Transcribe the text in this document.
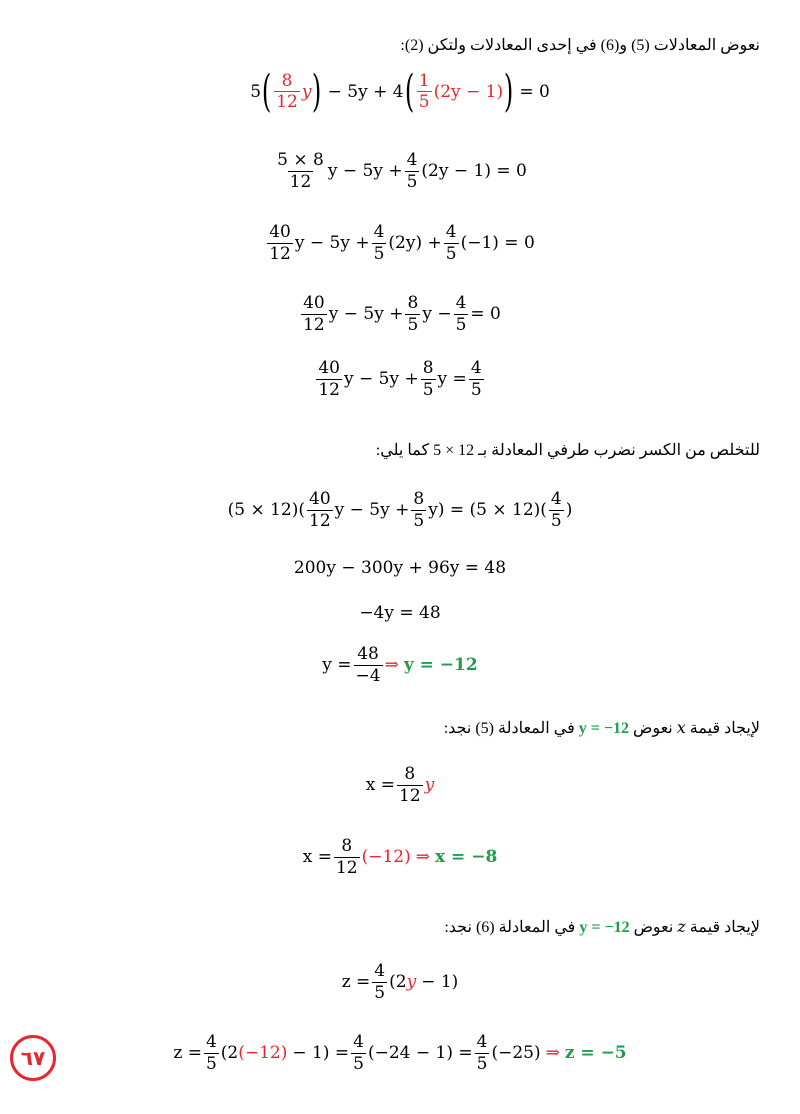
نعوض المعادلات (5) و(6) في إحدى المعادلات ولتكن (2):
5 ( 8
12
y ) − 5y + 4 ( 1
5
(2y − 1) ) = 0
5 × 8
12
$y - 5y + \frac{4}{5} (2y - 1) = 0$
40
12
$y - 5y + \frac{4}{5} (2y) + \frac{4}{5} (-1) = 0$
40
12
$y - 5y + \frac{8}{5}$ $y - \frac{4}{5} = 0$
40
12
$y - 5y + \frac{8}{5}$ $y = \frac{4}{5}$
للتخلص من الكسر نضرب طرفي المعادلة بـ 12 × 5 كما يلي:
(5 × 12)(
40
12
$y - 5y + \frac{8}{5} y) = (5 \times 12)$(
4
5
)
200y − 300y + 96y = 48
−4y = 48
$y = \frac{48}{-4}$ ⇒ y = −12
لإيجاد قيمة x نعوض y = −12 في المعادلة (5) نجد:
$x = \frac{8}{12}$ y
$x = \frac{8}{12} (-12)$ ⇒ x = −8
لإيجاد قيمة z نعوض y = −12 في المعادلة (6) نجد:
$z = \frac{4}{5} (2$ y − 1)
$z = \frac{4}{5} (2$ $(-12) - 1) = \frac{4}{5} (-24 - 1) = \frac{4}{5} (-25)$ ⇒ z = −5
٦٧
